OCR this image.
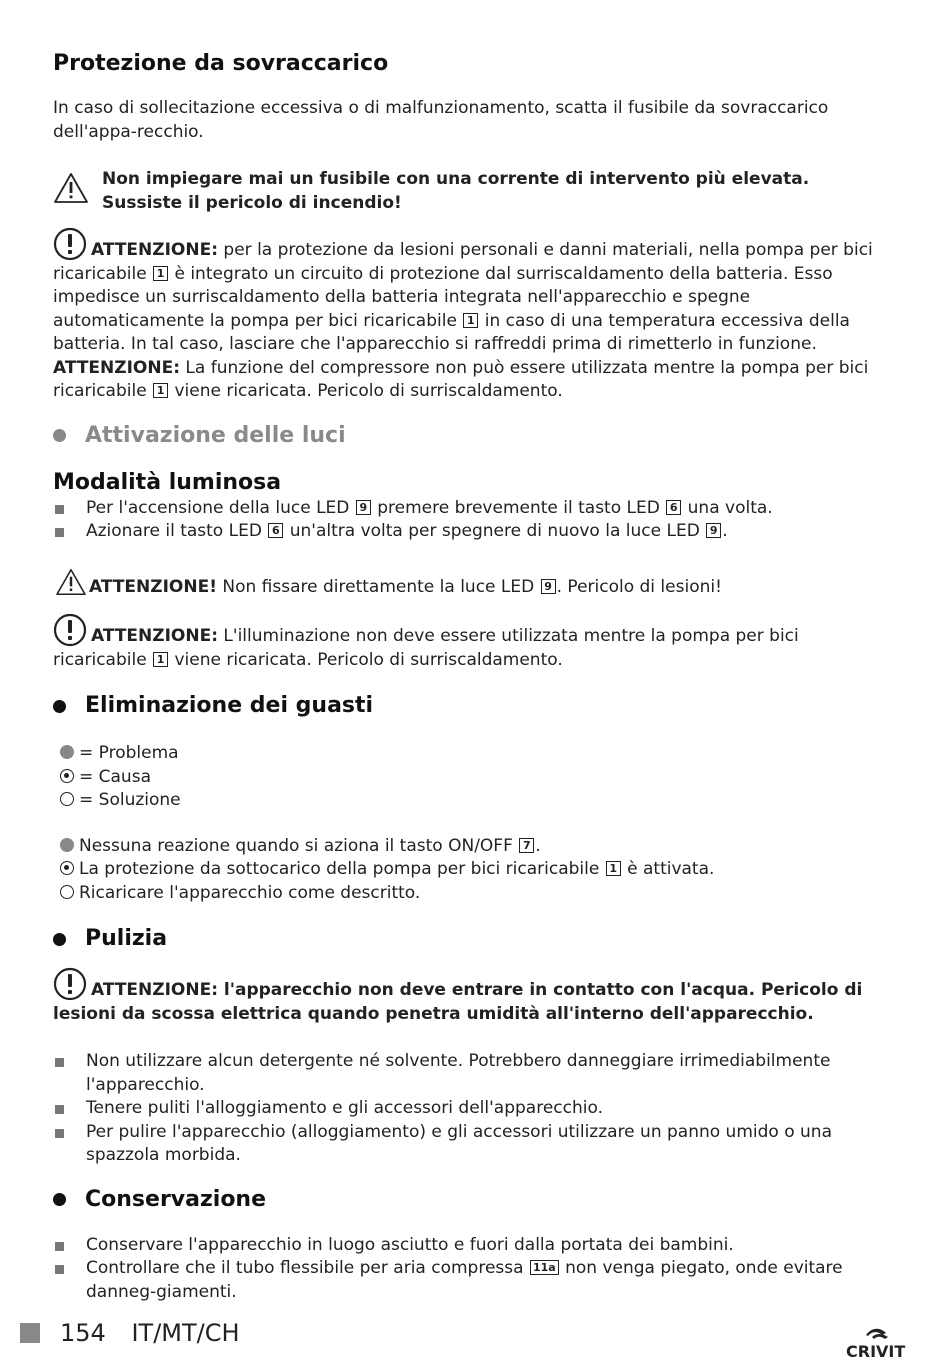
Protezione da sovraccarico

In caso di sollecitazione eccessiva o di malfunzionamento, scatta il fusibile da sovraccarico dell'appa-recchio.

Non impiegare mai un fusibile con una corrente di intervento più elevata.

Sussiste il pericolo di incendio!

ATTENZIONE: per la protezione da lesioni personali e danni materiali, nella pompa per bici ricaricabile 1 è integrato un circuito di protezione dal surriscaldamento della batteria. Esso impedisce un surriscaldamento della batteria integrata nell'apparecchio e spegne automaticamente la pompa per bici ricaricabile 1 in caso di una temperatura eccessiva della batteria. In tal caso, lasciare che l'apparecchio si raffreddi prima di rimetterlo in funzione.

ATTENZIONE: La funzione del compressore non può essere utilizzata mentre la pompa per bici ricaricabile 1 viene ricaricata. Pericolo di surriscaldamento.

Attivazione delle luci
Modalità luminosa
Per l'accensione della luce LED 9 premere brevemente il tasto LED 6 una volta.
Azionare il tasto LED 6 un'altra volta per spegnere di nuovo la luce LED 9 .

ATTENZIONE! Non fissare direttamente la luce LED 9 . Pericolo di lesioni!

ATTENZIONE: L'illuminazione non deve essere utilizzata mentre la pompa per bici ricaricabile 1 viene ricaricata. Pericolo di surriscaldamento.

Eliminazione dei guasti
= Problema
= Causa
= Soluzione
Nessuna reazione quando si aziona il tasto ON/OFF 7 .
La protezione da sottocarico della pompa per bici ricaricabile 1 è attivata.
Ricaricare l'apparecchio come descritto.
Pulizia

ATTENZIONE: l'apparecchio non deve entrare in contatto con l'acqua. Pericolo di lesioni da scossa elettrica quando penetra umidità all'interno dell'apparecchio.

Non utilizzare alcun detergente né solvente. Potrebbero danneggiare irrimediabilmente l'apparecchio.
Tenere puliti l'alloggiamento e gli accessori dell'apparecchio.
Per pulire l'apparecchio (alloggiamento) e gli accessori utilizzare un panno umido o una spazzola morbida.
Conservazione
Conservare l'apparecchio in luogo asciutto e fuori dalla portata dei bambini.
Controllare che il tubo flessibile per aria compressa 11a non venga piegato, onde evitare danneg-giamenti.
154 IT/MT/CH
CRIVIT
